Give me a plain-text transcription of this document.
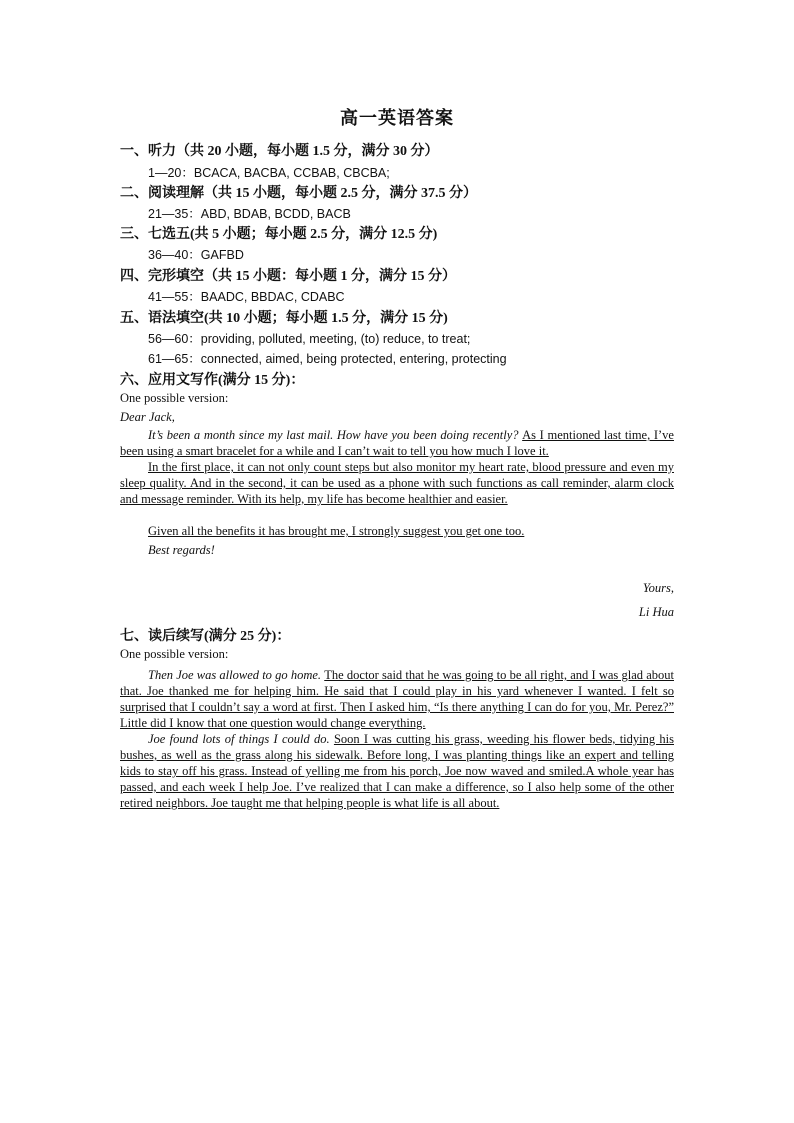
高一英语答案
一、听力（共 20 小题，每小题 1.5 分，满分 30 分）
1—20：BCACA, BACBA, CCBAB, CBCBA;
二、阅读理解（共 15 小题，每小题 2.5 分，满分 37.5 分）
21—35：ABD, BDAB, BCDD, BACB
三、七选五(共 5 小题；每小题 2.5 分，满分 12.5 分)
36—40：GAFBD
四、完形填空（共 15 小题：每小题 1 分，满分 15 分）
41—55：BAADC, BBDAC, CDABC
五、语法填空(共 10 小题；每小题 1.5 分，满分 15 分)
56—60：providing, polluted, meeting, (to) reduce, to treat;
61—65：connected, aimed, being protected, entering, protecting
六、应用文写作(满分 15 分)：
One possible version:
Dear Jack,

It’s been a month since my last mail. How have you been doing recently? As I mentioned last time, I’ve been using a smart bracelet for a while and I can’t wait to tell you how much I love it.

In the first place, it can not only count steps but also monitor my heart rate, blood pressure and even my sleep quality. And in the second, it can be used as a phone with such functions as call reminder, alarm clock and message reminder. With its help, my life has become healthier and easier.

Given all the benefits it has brought me, I strongly suggest you get one too.

Best regards!
Yours,
Li Hua
七、读后续写(满分 25 分)：
One possible version:

Then Joe was allowed to go home. The doctor said that he was going to be all right, and I was glad about that. Joe thanked me for helping him. He said that I could play in his yard whenever I wanted. I felt so surprised that I couldn’t say a word at first. Then I asked him, “Is there anything I can do for you, Mr. Perez?” Little did I know that one question would change everything.

Joe found lots of things I could do. Soon I was cutting his grass, weeding his flower beds, tidying his bushes, as well as the grass along his sidewalk. Before long, I was planting things like an expert and telling kids to stay off his grass. Instead of yelling me from his porch, Joe now waved and smiled.A whole year has passed, and each week I help Joe. I’ve realized that I can make a difference, so I also help some of the other retired neighbors. Joe taught me that helping people is what life is all about.
